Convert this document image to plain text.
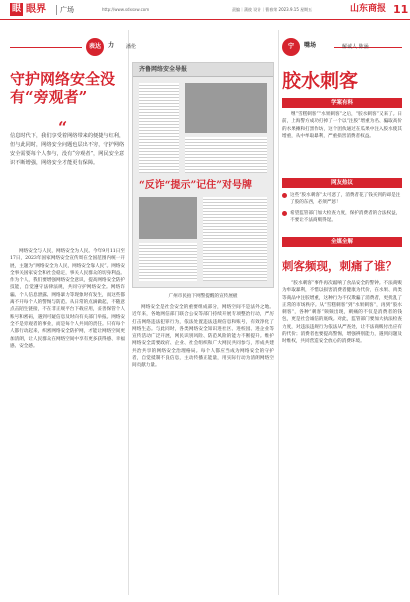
眼 眼界 广场	http://www.sdxsxw.com	责编｜蒲彼 设计｜曹春荣 2023.9.15 星期五	山东商报 11
表达	力 潘伦
守护网络安全没有“旁观者”
“
信息时代下，我们享受着网络带来的便捷与红利，但与此同时，网络安全问题也层出不穷，守护网络安全需要每个人参与，没有“旁观者”，网民安全意识不断增强，网络安全才能更有保障。
网络安全与人民，网络安全为人民。今年9月11日至17日，2023年国家网络安全宣传周在全国范围内统一开展，主题为“网络安全为人民，网络安全靠人民”。网络安全事关国家安全和社会稳定，事关人民群众的切身利益。作为个人，我们要增强网络安全意识，提高网络安全防护技能，自觉遵守法律法规，共同守护网络安全。网络诈骗、个人信息泄露、网络暴力等现象时有发生，而这些都离不开每个人的警惕与防范。从日常的点滴做起，不随意点击陌生链接，不在非正规平台下载应用，妥善保管个人账号和密码，遇到可疑信息及时向有关部门举报。网络安全不是旁观者的事业，而是每个人共同的责任。只有每个人都行动起来，织密网络安全防护网，才能让网络空间更加清朗，让人民群众在网络空间中享有更多获得感、幸福感、安全感。
齐鲁网络安全导报
“反诈“提示”记住”对号牌
广州市民拍下网警提醒的宣传展板
网络安全是社会安全的重要组成部分，网络空间不是法外之地。近年来，各地网信部门联合公安等部门持续开展专项整治行动，严厉打击网络违法犯罪行为，依法处置违法违规信息和账号，有效净化了网络生态。与此同时，各类网络安全知识进社区、进校园、进企业等宣传活动广泛开展，网民识别风险、防范风险的能力不断提升。维护网络安全需要政府、企业、社会组织和广大网民共同参与，形成共建共治共享的网络安全治理格局。每个人都应当成为网络安全的守护者，自觉抵制不良信息，主动传播正能量，用实际行动为清朗网络空间贡献力量。
宁	嘴场	解诚人 陈涵
胶水刺客
学案有料
继“雪糕刺客”“水果刺客”之后，“胶水刺客”又来了。日前，上海警方成功打掉了一个以“注胶”增重为名、骗取高价的水果摊和打黑作坊，这个团伙通过在瓜果中注入胶水使其增重，从中牟取暴利，严重损害消费者权益。
网友热议
这些“胶水刺客”太可恶了，消费者花了钱买到的却是注了胶的东西，必须严惩！
希望监管部门加大检查力度，保护消费者的合法权益，不要让不法商贩得逞。
全媒全解
刺客频现，刺痛了谁？
“胶水刺客”事件再次敲响了食品安全的警钟。不法商贩为牟取暴利，不惜以损害消费者健康为代价，在水果、肉类等商品中注胶增重，这种行为不仅欺骗了消费者，更扰乱了正常的市场秩序。从“雪糕刺客”到“水果刺客”，再到“胶水刺客”，各种“刺客”频频出现，刺痛的不仅是消费者的钱包，更是社会诚信的底线。对此，监管部门要加大执法检查力度，对违法违规行为依法从严查处，让不法商贩付出应有的代价；消费者也要提高警惕，增强辨别能力，遇到问题及时维权，共同营造安全放心的消费环境。
